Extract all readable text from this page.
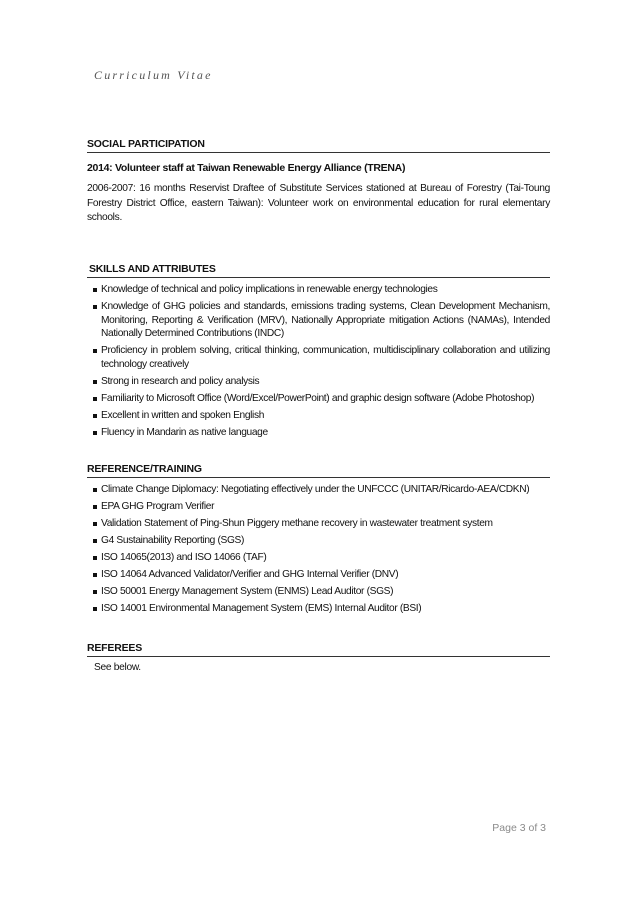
Curriculum Vitae
SOCIAL PARTICIPATION
2014: Volunteer staff at Taiwan Renewable Energy Alliance (TRENA)
2006-2007: 16 months Reservist Draftee of Substitute Services stationed at Bureau of Forestry (Tai-Toung Forestry District Office, eastern Taiwan): Volunteer work on environmental education for rural elementary schools.
SKILLS AND ATTRIBUTES
Knowledge of technical and policy implications in renewable energy technologies
Knowledge of GHG policies and standards, emissions trading systems, Clean Development Mechanism, Monitoring, Reporting & Verification (MRV), Nationally Appropriate mitigation Actions (NAMAs), Intended Nationally Determined Contributions (INDC)
Proficiency in problem solving, critical thinking, communication, multidisciplinary collaboration and utilizing technology creatively
Strong in research and policy analysis
Familiarity to Microsoft Office (Word/Excel/PowerPoint) and graphic design software (Adobe Photoshop)
Excellent in written and spoken English
Fluency in Mandarin as native language
REFERENCE/TRAINING
Climate Change Diplomacy: Negotiating effectively under the UNFCCC (UNITAR/Ricardo-AEA/CDKN)
EPA GHG Program Verifier
Validation Statement of Ping-Shun Piggery methane recovery in wastewater treatment system
G4 Sustainability Reporting (SGS)
ISO 14065(2013) and ISO 14066 (TAF)
ISO 14064 Advanced Validator/Verifier and GHG Internal Verifier (DNV)
ISO 50001 Energy Management System (ENMS) Lead Auditor (SGS)
ISO 14001 Environmental Management System (EMS) Internal Auditor (BSI)
REFEREES
See below.
Page 3 of 3
